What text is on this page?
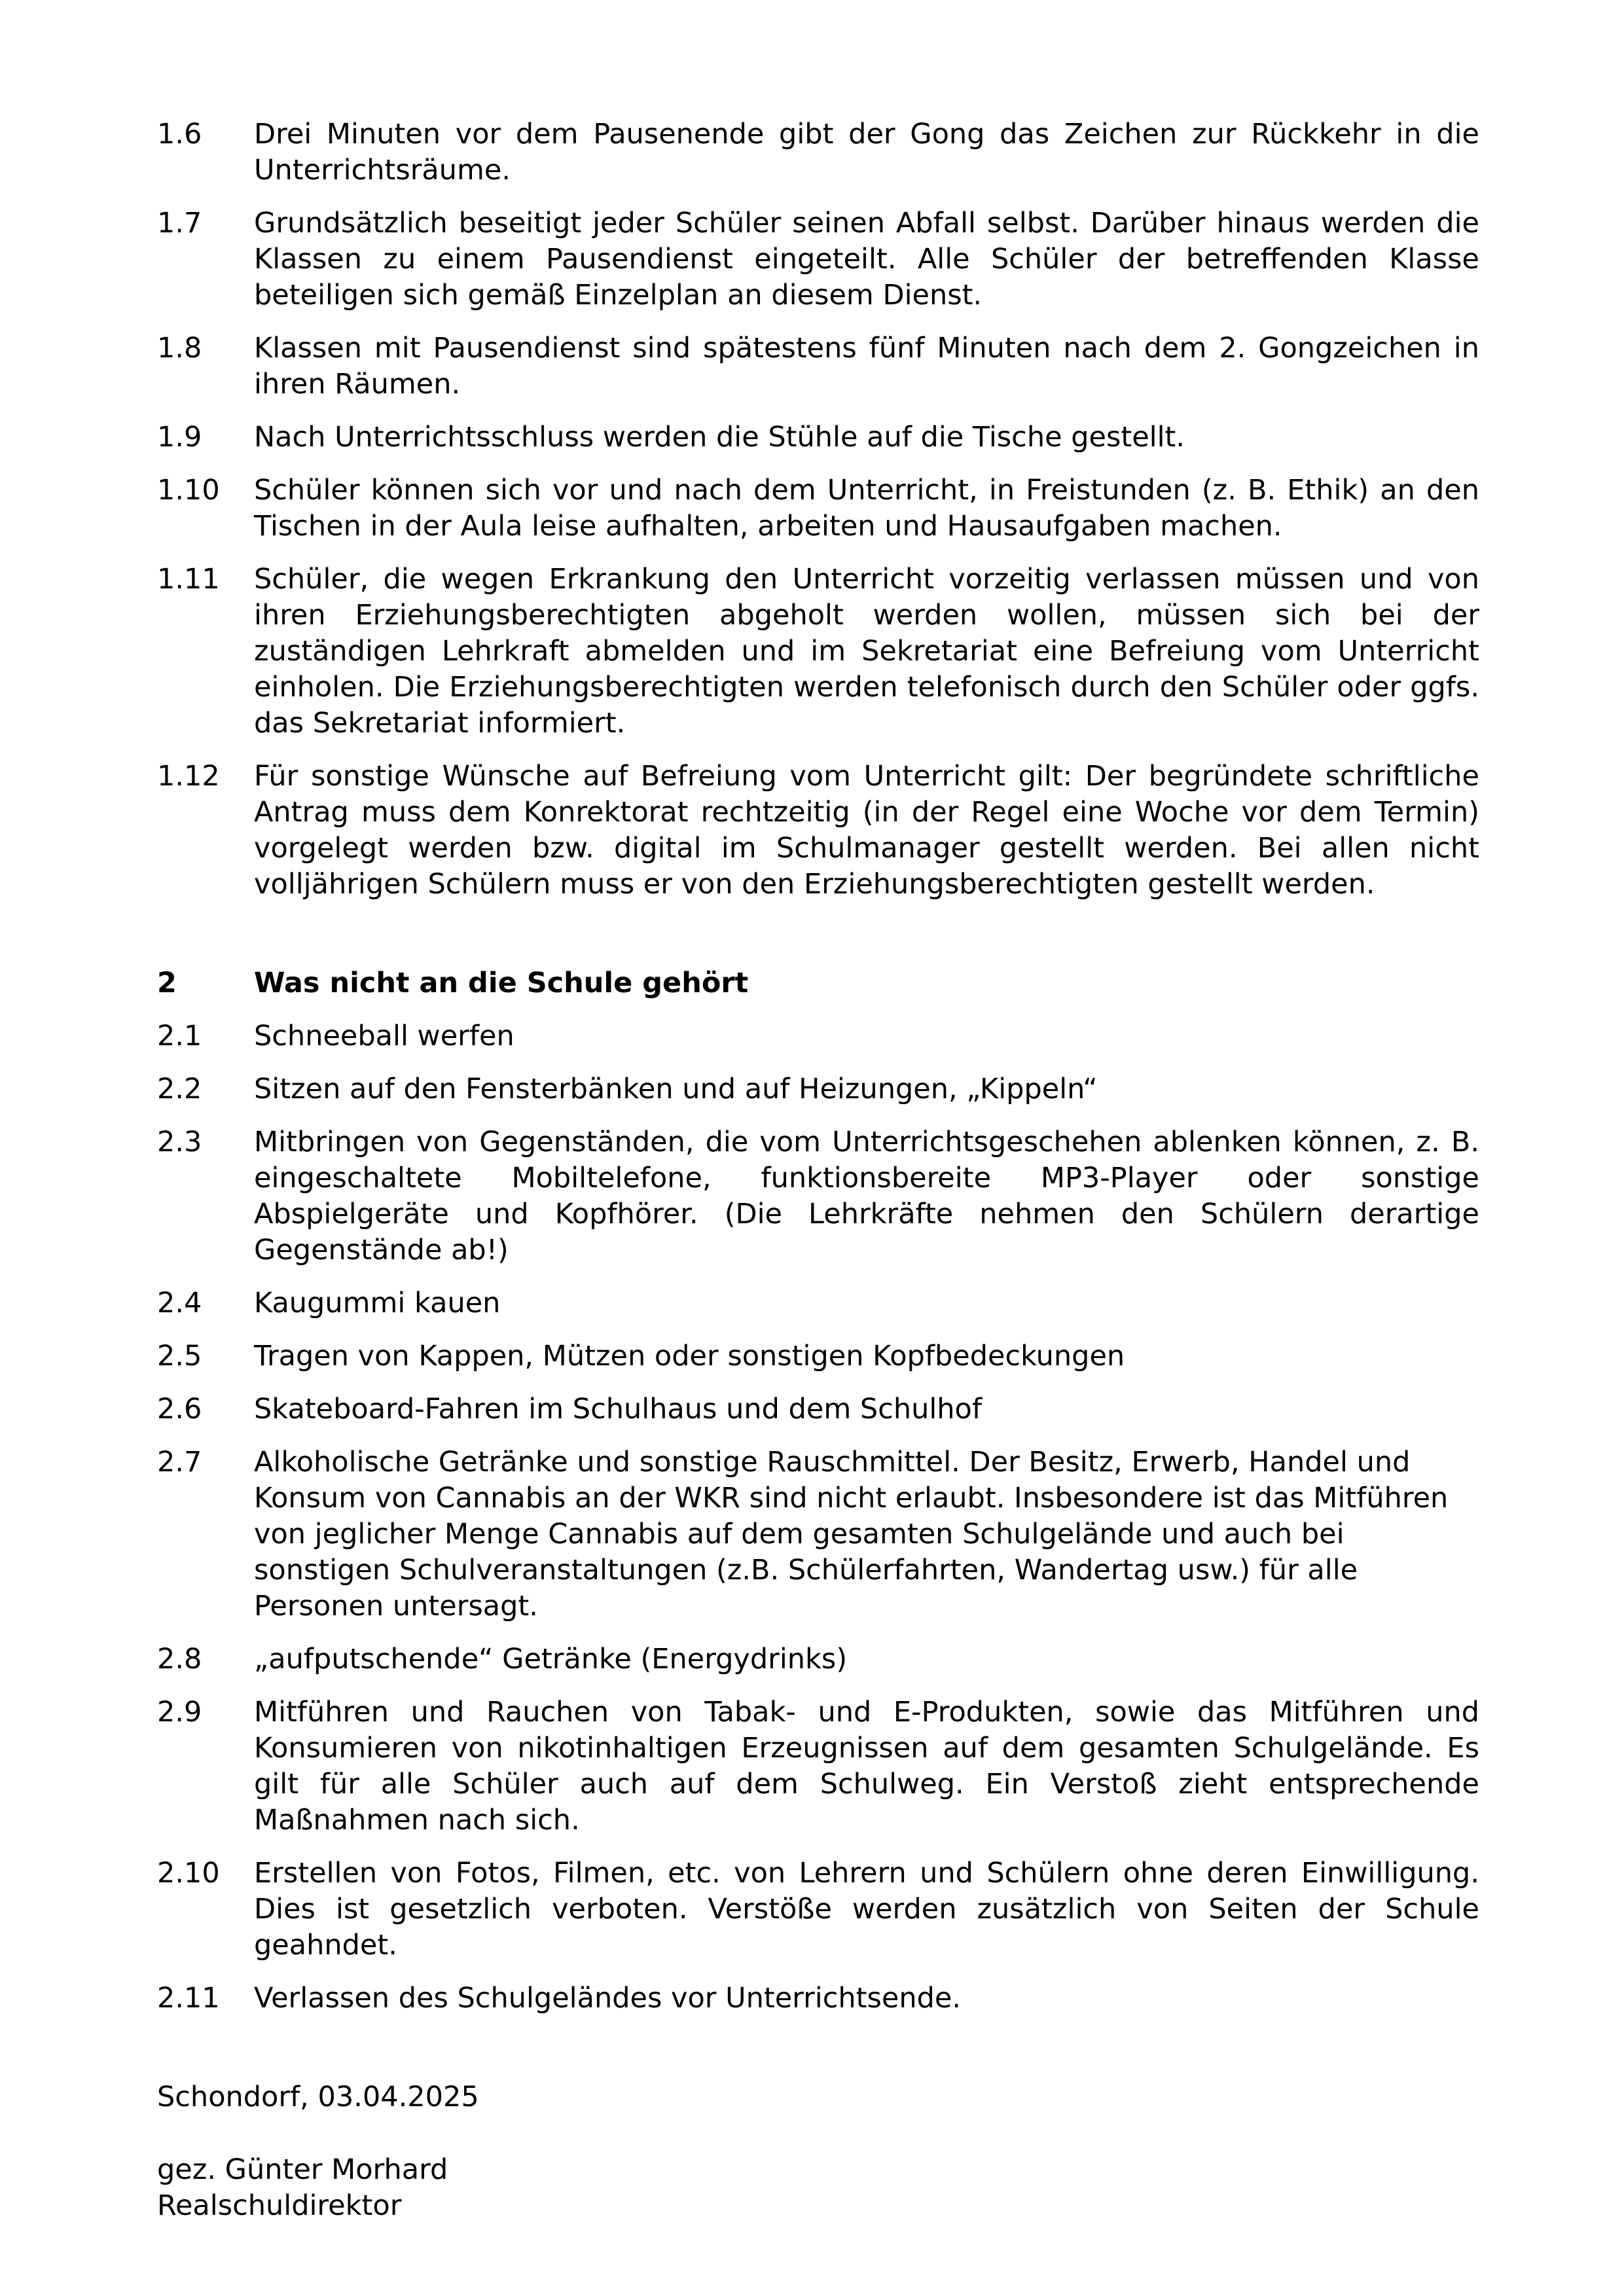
1.6	Drei Minuten vor dem Pausenende gibt der Gong das Zeichen zur Rückkehr in die Unterrichtsräume.
1.7	Grundsätzlich beseitigt jeder Schüler seinen Abfall selbst. Darüber hinaus werden die Klassen zu einem Pausendienst eingeteilt. Alle Schüler der betreffenden Klasse beteiligen sich gemäß Einzelplan an diesem Dienst.
1.8	Klassen mit Pausendienst sind spätestens fünf Minuten nach dem 2. Gongzeichen in ihren Räumen.
1.9	Nach Unterrichtsschluss werden die Stühle auf die Tische gestellt.
1.10	Schüler können sich vor und nach dem Unterricht, in Freistunden (z. B. Ethik) an den Tischen in der Aula leise aufhalten, arbeiten und Hausaufgaben machen.
1.11	Schüler, die wegen Erkrankung den Unterricht vorzeitig verlassen müssen und von ihren Erziehungsberechtigten abgeholt werden wollen, müssen sich bei der zuständigen Lehrkraft abmelden und im Sekretariat eine Befreiung vom Unterricht einholen. Die Erziehungsberechtigten werden telefonisch durch den Schüler oder ggfs. das Sekretariat informiert.
1.12	Für sonstige Wünsche auf Befreiung vom Unterricht gilt: Der begründete schriftliche Antrag muss dem Konrektorat rechtzeitig (in der Regel eine Woche vor dem Termin) vorgelegt werden bzw. digital im Schulmanager gestellt werden. Bei allen nicht volljährigen Schülern muss er von den Erziehungsberechtigten gestellt werden.
2	Was nicht an die Schule gehört
2.1	Schneeball werfen
2.2	Sitzen auf den Fensterbänken und auf Heizungen, „Kippeln“
2.3	Mitbringen von Gegenständen, die vom Unterrichtsgeschehen ablenken können, z. B. eingeschaltete Mobiltelefone, funktionsbereite MP3-Player oder sonstige Abspielgeräte und Kopfhörer. (Die Lehrkräfte nehmen den Schülern derartige Gegenstände ab!)
2.4	Kaugummi kauen
2.5	Tragen von Kappen, Mützen oder sonstigen Kopfbedeckungen
2.6	Skateboard-Fahren im Schulhaus und dem Schulhof
2.7	Alkoholische Getränke und sonstige Rauschmittel. Der Besitz, Erwerb, Handel und Konsum von Cannabis an der WKR sind nicht erlaubt. Insbesondere ist das Mitführen von jeglicher Menge Cannabis auf dem gesamten Schulgelände und auch bei sonstigen Schulveranstaltungen (z.B. Schülerfahrten, Wandertag usw.) für alle Personen untersagt.
2.8	„aufputschende“ Getränke (Energydrinks)
2.9	Mitführen und Rauchen von Tabak- und E-Produkten, sowie das Mitführen und Konsumieren von nikotinhaltigen Erzeugnissen auf dem gesamten Schulgelände. Es gilt für alle Schüler auch auf dem Schulweg. Ein Verstoß zieht entsprechende Maßnahmen nach sich.
2.10	Erstellen von Fotos, Filmen, etc. von Lehrern und Schülern ohne deren Einwilligung. Dies ist gesetzlich verboten. Verstöße werden zusätzlich von Seiten der Schule geahndet.
2.11	Verlassen des Schulgeländes vor Unterrichtsende.
Schondorf, 03.04.2025
gez. Günter Morhard
Realschuldirektor
